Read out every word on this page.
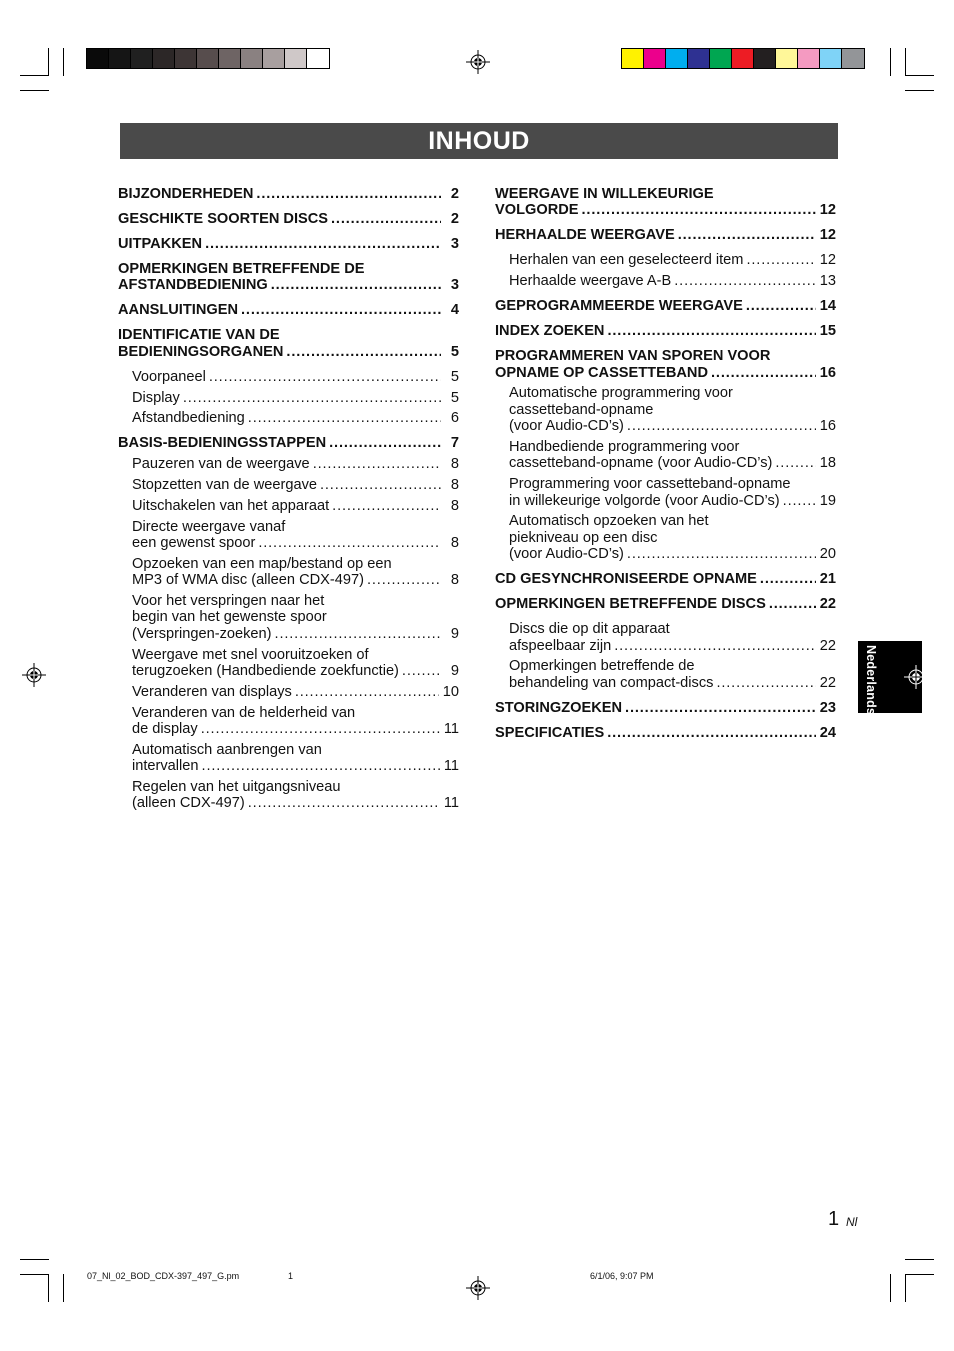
INHOUD
BIJZONDERHEDEN . . .	2
GESCHIKTE SOORTEN DISCS . . .	2
UITPAKKEN . . .	3
OPMERKINGEN BETREFFENDE DE
AFSTANDBEDIENING . . .	3
AANSLUITINGEN . . .	4
IDENTIFICATIE VAN DE
BEDIENINGSORGANEN . . .	5
Voorpaneel . . .	5
Display . . .	5
Afstandbediening . . .	6
BASIS-BEDIENINGSSTAPPEN . . .	7
Pauzeren van de weergave . . .	8
Stopzetten van de weergave . . .	8
Uitschakelen van het apparaat . . .	8
Directe weergave vanaf
een gewenst spoor . . .	8
Opzoeken van een map/bestand op een
MP3 of WMA disc (alleen CDX-497) . . .	8
Voor het verspringen naar het
begin van het gewenste spoor
(Verspringen-zoeken) . . .	9
Weergave met snel vooruitzoeken of
terugzoeken (Handbediende zoekfunctie) . . .	9
Veranderen van displays . . .	10
Veranderen van de helderheid van
de display . . .	11
Automatisch aanbrengen van
intervallen . . .	11
Regelen van het uitgangsniveau
(alleen CDX-497) . . .	11
WEERGAVE IN WILLEKEURIGE
VOLGORDE . . .	12
HERHAALDE WEERGAVE . . .	12
Herhalen van een geselecteerd item . . .	12
Herhaalde weergave A-B . . .	13
GEPROGRAMMEERDE WEERGAVE . . .	14
INDEX ZOEKEN . . .	15
PROGRAMMEREN VAN SPOREN VOOR
OPNAME OP CASSETTEBAND . . .	16
Automatische programmering voor
cassetteband-opname
(voor Audio-CD’s) . . .	16
Handbediende programmering voor
cassetteband-opname (voor Audio-CD’s) . . .	18
Programmering voor cassetteband-opname
in willekeurige volgorde (voor Audio-CD’s) . . .	19
Automatisch opzoeken van het
piekniveau op een disc
(voor Audio-CD’s) . . .	20
CD GESYNCHRONISEERDE OPNAME . . .	21
OPMERKINGEN BETREFFENDE DISCS . . .	22
Discs die op dit apparaat
afspeelbaar zijn . . .	22
Opmerkingen betreffende de
behandeling van compact-discs . . .	22
STORINGZOEKEN . . .	23
SPECIFICATIES . . .	24
Nederlands
1 Nl
07_Nl_02_BOD_CDX-397_497_G.pm	1	6/1/06, 9:07 PM
